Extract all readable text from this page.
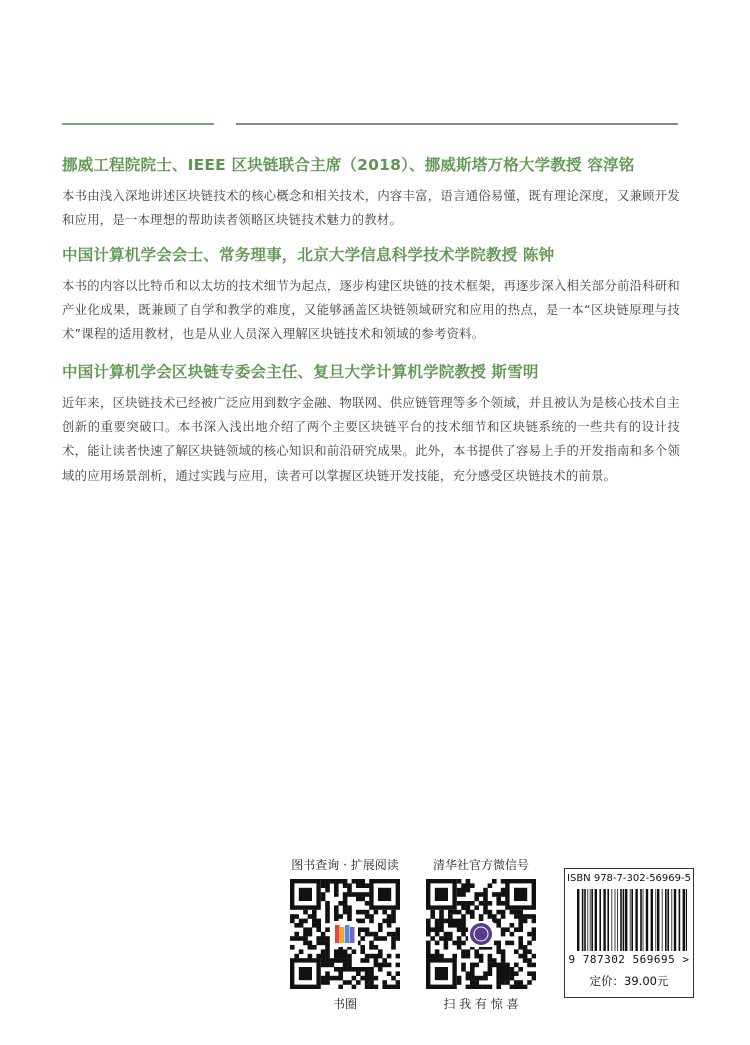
挪威工程院院士、IEEE 区块链联合主席（2018）、挪威斯塔万格大学教授 容淳铭

本书由浅入深地讲述区块链技术的核心概念和相关技术，内容丰富，语言通俗易懂，既有理论深度，又兼顾开发和应用，是一本理想的帮助读者领略区块链技术魅力的教材。

中国计算机学会会士、常务理事，北京大学信息科学技术学院教授 陈钟

本书的内容以比特币和以太坊的技术细节为起点，逐步构建区块链的技术框架，再逐步深入相关部分前沿科研和产业化成果，既兼顾了自学和教学的难度，又能够涵盖区块链领域研究和应用的热点，是一本“区块链原理与技术”课程的适用教材，也是从业人员深入理解区块链技术和领域的参考资料。

中国计算机学会区块链专委会主任、复旦大学计算机学院教授 斯雪明

近年来，区块链技术已经被广泛应用到数字金融、物联网、供应链管理等多个领域，并且被认为是核心技术自主创新的重要突破口。本书深入浅出地介绍了两个主要区块链平台的技术细节和区块链系统的一些共有的设计技术，能让读者快速了解区块链领域的核心知识和前沿研究成果。此外，本书提供了容易上手的开发指南和多个领域的应用场景剖析，通过实践与应用，读者可以掌握区块链开发技能，充分感受区块链技术的前景。

图书查询 · 扩展阅读
书圈
清华社官方微信号
扫 我 有 惊 喜
ISBN 978-7-302-56969-5
9 787302 569695 >
定价：39.00元
